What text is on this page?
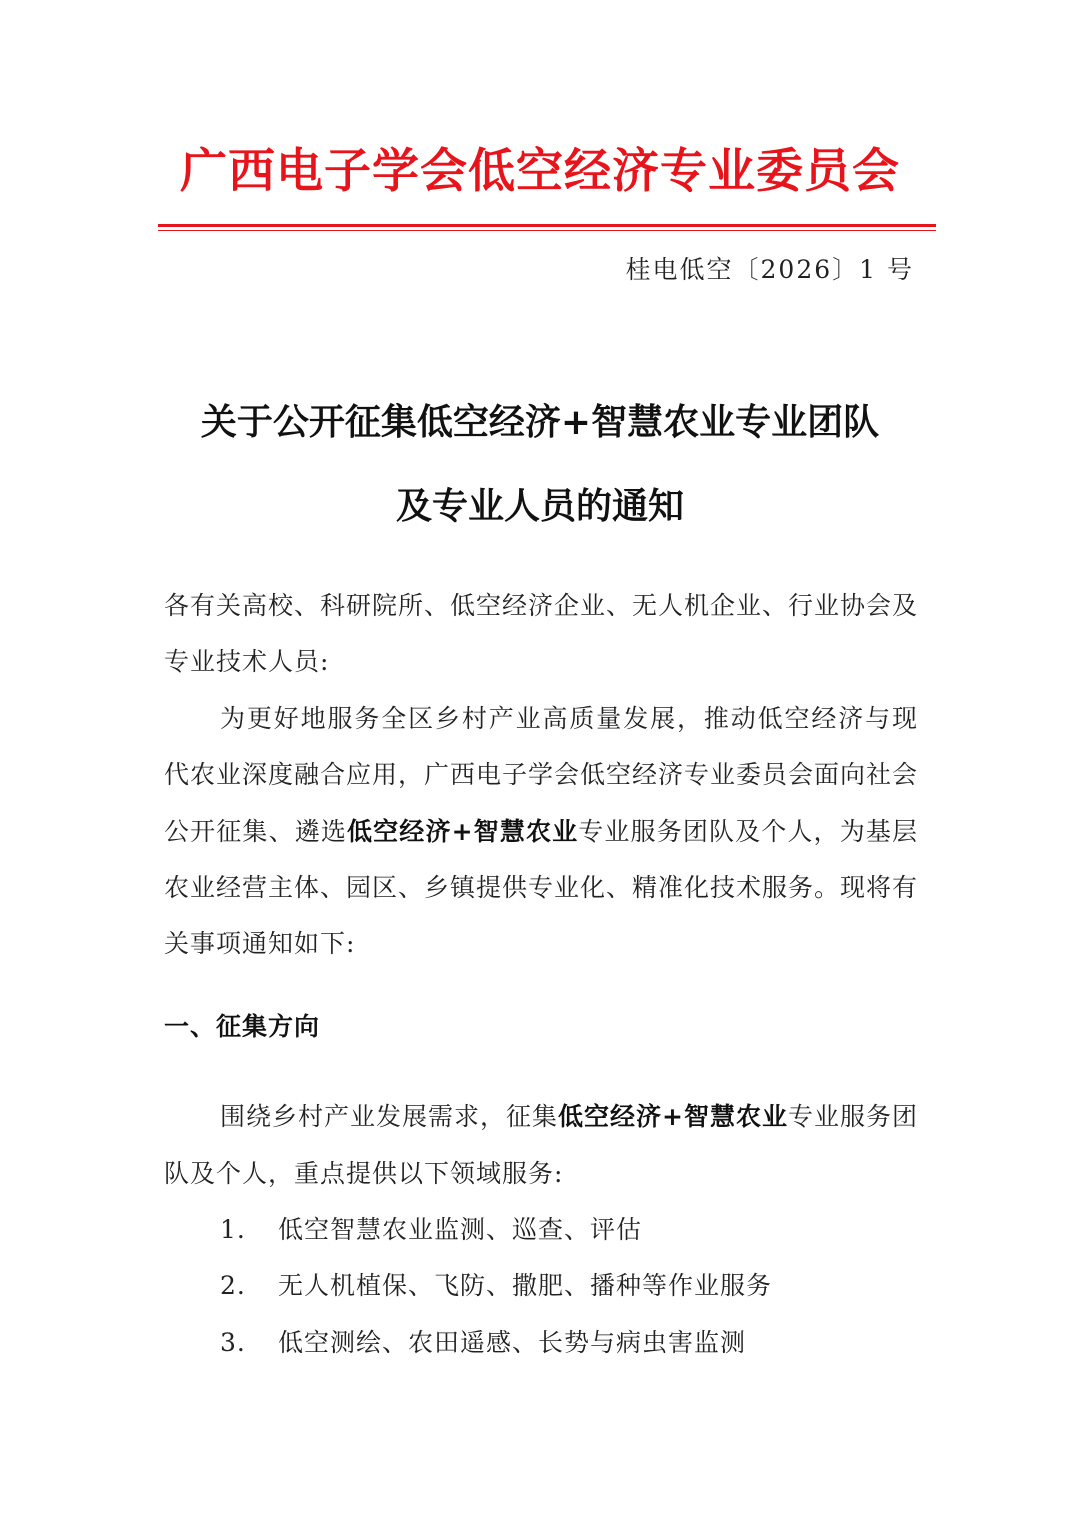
广西电子学会低空经济专业委员会
桂电低空〔2026〕1 号
关于公开征集低空经济+智慧农业专业团队
及专业人员的通知

各有关高校、科研院所、低空经济企业、无人机企业、行业协会及专业技术人员:

为更好地服务全区乡村产业高质量发展，推动低空经济与现代农业深度融合应用，广西电子学会低空经济专业委员会面向社会公开征集、遴选低空经济+智慧农业专业服务团队及个人，为基层农业经营主体、园区、乡镇提供专业化、精准化技术服务。现将有关事项通知如下:

一、征集方向

围绕乡村产业发展需求，征集低空经济+智慧农业专业服务团队及个人，重点提供以下领域服务:

1. 低空智慧农业监测、巡查、评估

2. 无人机植保、飞防、撒肥、播种等作业服务

3. 低空测绘、农田遥感、长势与病虫害监测
